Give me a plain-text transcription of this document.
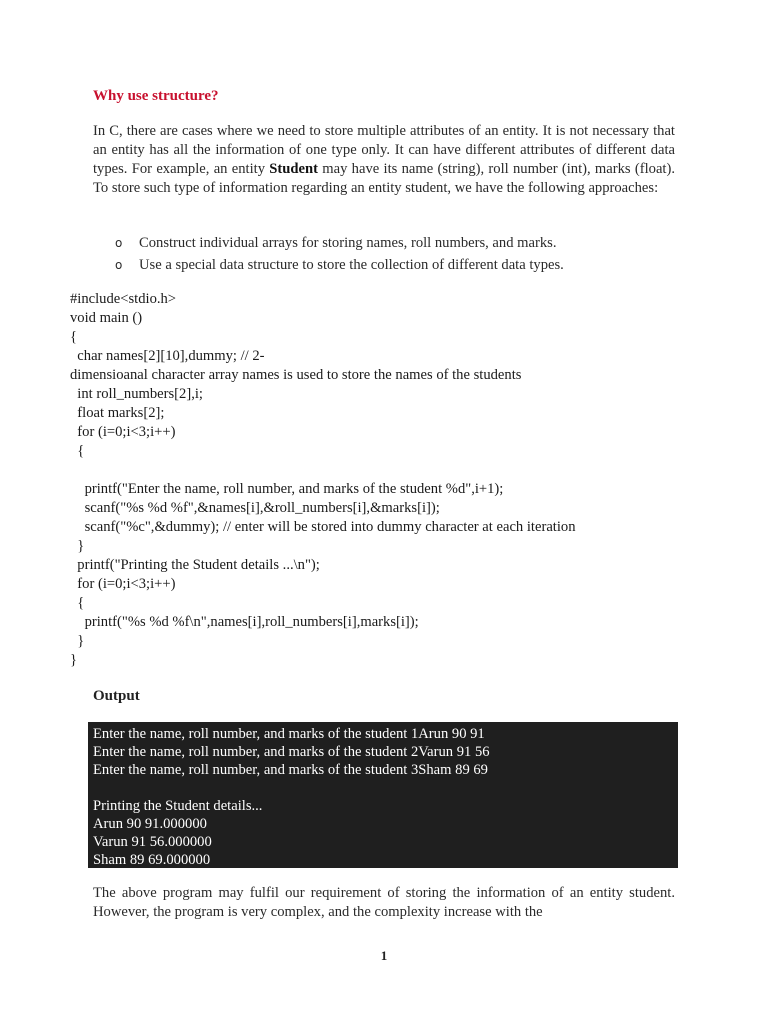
Why use structure?
In C, there are cases where we need to store multiple attributes of an entity. It is not necessary that an entity has all the information of one type only. It can have different attributes of different data types. For example, an entity Student may have its name (string), roll number (int), marks (float). To store such type of information regarding an entity student, we have the following approaches:
o Construct individual arrays for storing names, roll numbers, and marks.
o Use a special data structure to store the collection of different data types.
#include<stdio.h>
void main ()
{
char names[2][10],dummy; // 2-
dimensioanal character array names is used to store the names of the students
int roll_numbers[2],i;
float marks[2];
for (i=0;i<3;i++)
{
printf("Enter the name, roll number, and marks of the student %d",i+1);
scanf("%s %d %f",&names[i],&roll_numbers[i],&marks[i]);
scanf("%c",&dummy); // enter will be stored into dummy character at each iteration
}
printf("Printing the Student details ...\n");
for (i=0;i<3;i++)
{
printf("%s %d %f\n",names[i],roll_numbers[i],marks[i]);
}
}
Output
Enter the name, roll number, and marks of the student 1Arun 90 91
Enter the name, roll number, and marks of the student 2Varun 91 56
Enter the name, roll number, and marks of the student 3Sham 89 69
Printing the Student details...
Arun 90 91.000000
Varun 91 56.000000
Sham 89 69.000000
The above program may fulfil our requirement of storing the information of an entity student. However, the program is very complex, and the complexity increase with the
1
